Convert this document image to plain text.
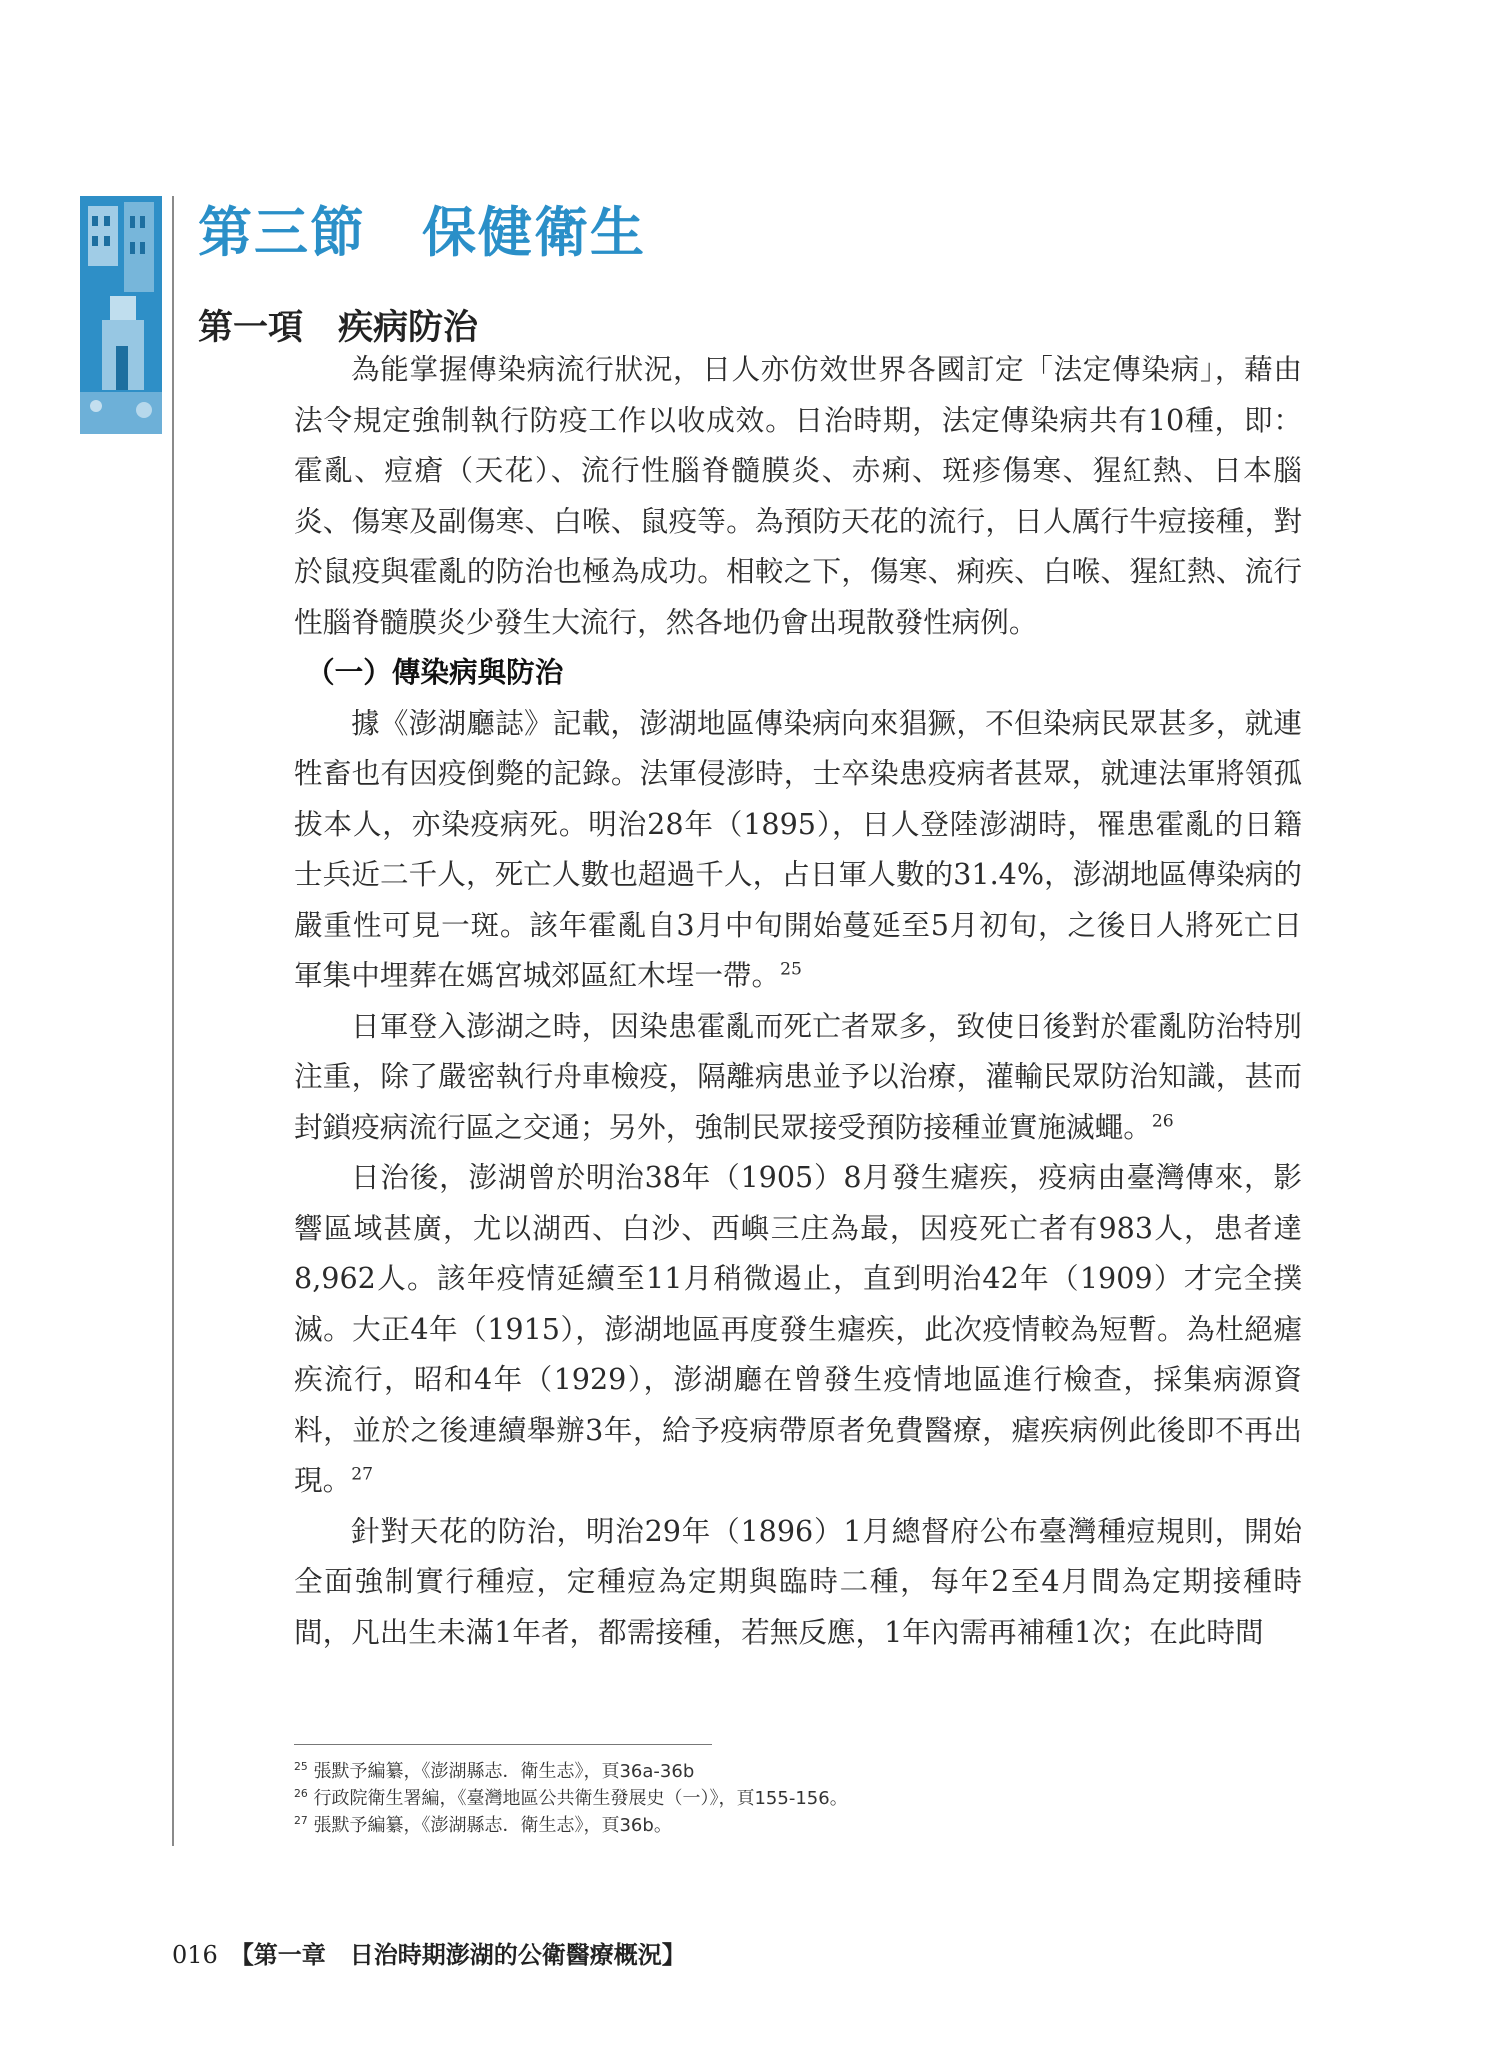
第三節　保健衛生
第一項　疾病防治

為能掌握傳染病流行狀況，日人亦仿效世界各國訂定「法定傳染病」，藉由法令規定強制執行防疫工作以收成效。日治時期，法定傳染病共有10種，即：霍亂、痘瘡（天花）、流行性腦脊髓膜炎、赤痢、斑疹傷寒、猩紅熱、日本腦炎、傷寒及副傷寒、白喉、鼠疫等。為預防天花的流行，日人厲行牛痘接種，對於鼠疫與霍亂的防治也極為成功。相較之下，傷寒、痢疾、白喉、猩紅熱、流行性腦脊髓膜炎少發生大流行，然各地仍會出現散發性病例。

（一）傳染病與防治

據《澎湖廳誌》記載，澎湖地區傳染病向來猖獗，不但染病民眾甚多，就連牲畜也有因疫倒斃的記錄。法軍侵澎時，士卒染患疫病者甚眾，就連法軍將領孤拔本人，亦染疫病死。明治28年（1895），日人登陸澎湖時，罹患霍亂的日籍士兵近二千人，死亡人數也超過千人，占日軍人數的31.4%，澎湖地區傳染病的嚴重性可見一斑。該年霍亂自3月中旬開始蔓延至5月初旬，之後日人將死亡日軍集中埋葬在媽宮城郊區紅木埕一帶。$^{25}$

日軍登入澎湖之時，因染患霍亂而死亡者眾多，致使日後對於霍亂防治特別注重，除了嚴密執行舟車檢疫，隔離病患並予以治療，灌輸民眾防治知識，甚而封鎖疫病流行區之交通；另外，強制民眾接受預防接種並實施滅蠅。$^{26}$

日治後，澎湖曾於明治38年（1905）8月發生瘧疾，疫病由臺灣傳來，影響區域甚廣，尤以湖西、白沙、西嶼三庄為最，因疫死亡者有983人，患者達8,962人。該年疫情延續至11月稍微遏止，直到明治42年（1909）才完全撲滅。大正4年（1915），澎湖地區再度發生瘧疾，此次疫情較為短暫。為杜絕瘧疾流行，昭和4年（1929），澎湖廳在曾發生疫情地區進行檢查，採集病源資料，並於之後連續舉辦3年，給予疫病帶原者免費醫療，瘧疾病例此後即不再出現。$^{27}$

針對天花的防治，明治29年（1896）1月總督府公布臺灣種痘規則，開始全面強制實行種痘，定種痘為定期與臨時二種，每年2至4月間為定期接種時間，凡出生未滿1年者，都需接種，若無反應，1年內需再補種1次；在此時間

$^{25}$ 張默予編纂，《澎湖縣志．衛生志》，頁36a-36b

$^{26}$ 行政院衛生署編，《臺灣地區公共衛生發展史（一）》，頁155-156。

$^{27}$ 張默予編纂，《澎湖縣志．衛生志》，頁36b。

016 【第一章　日治時期澎湖的公衛醫療概況】
